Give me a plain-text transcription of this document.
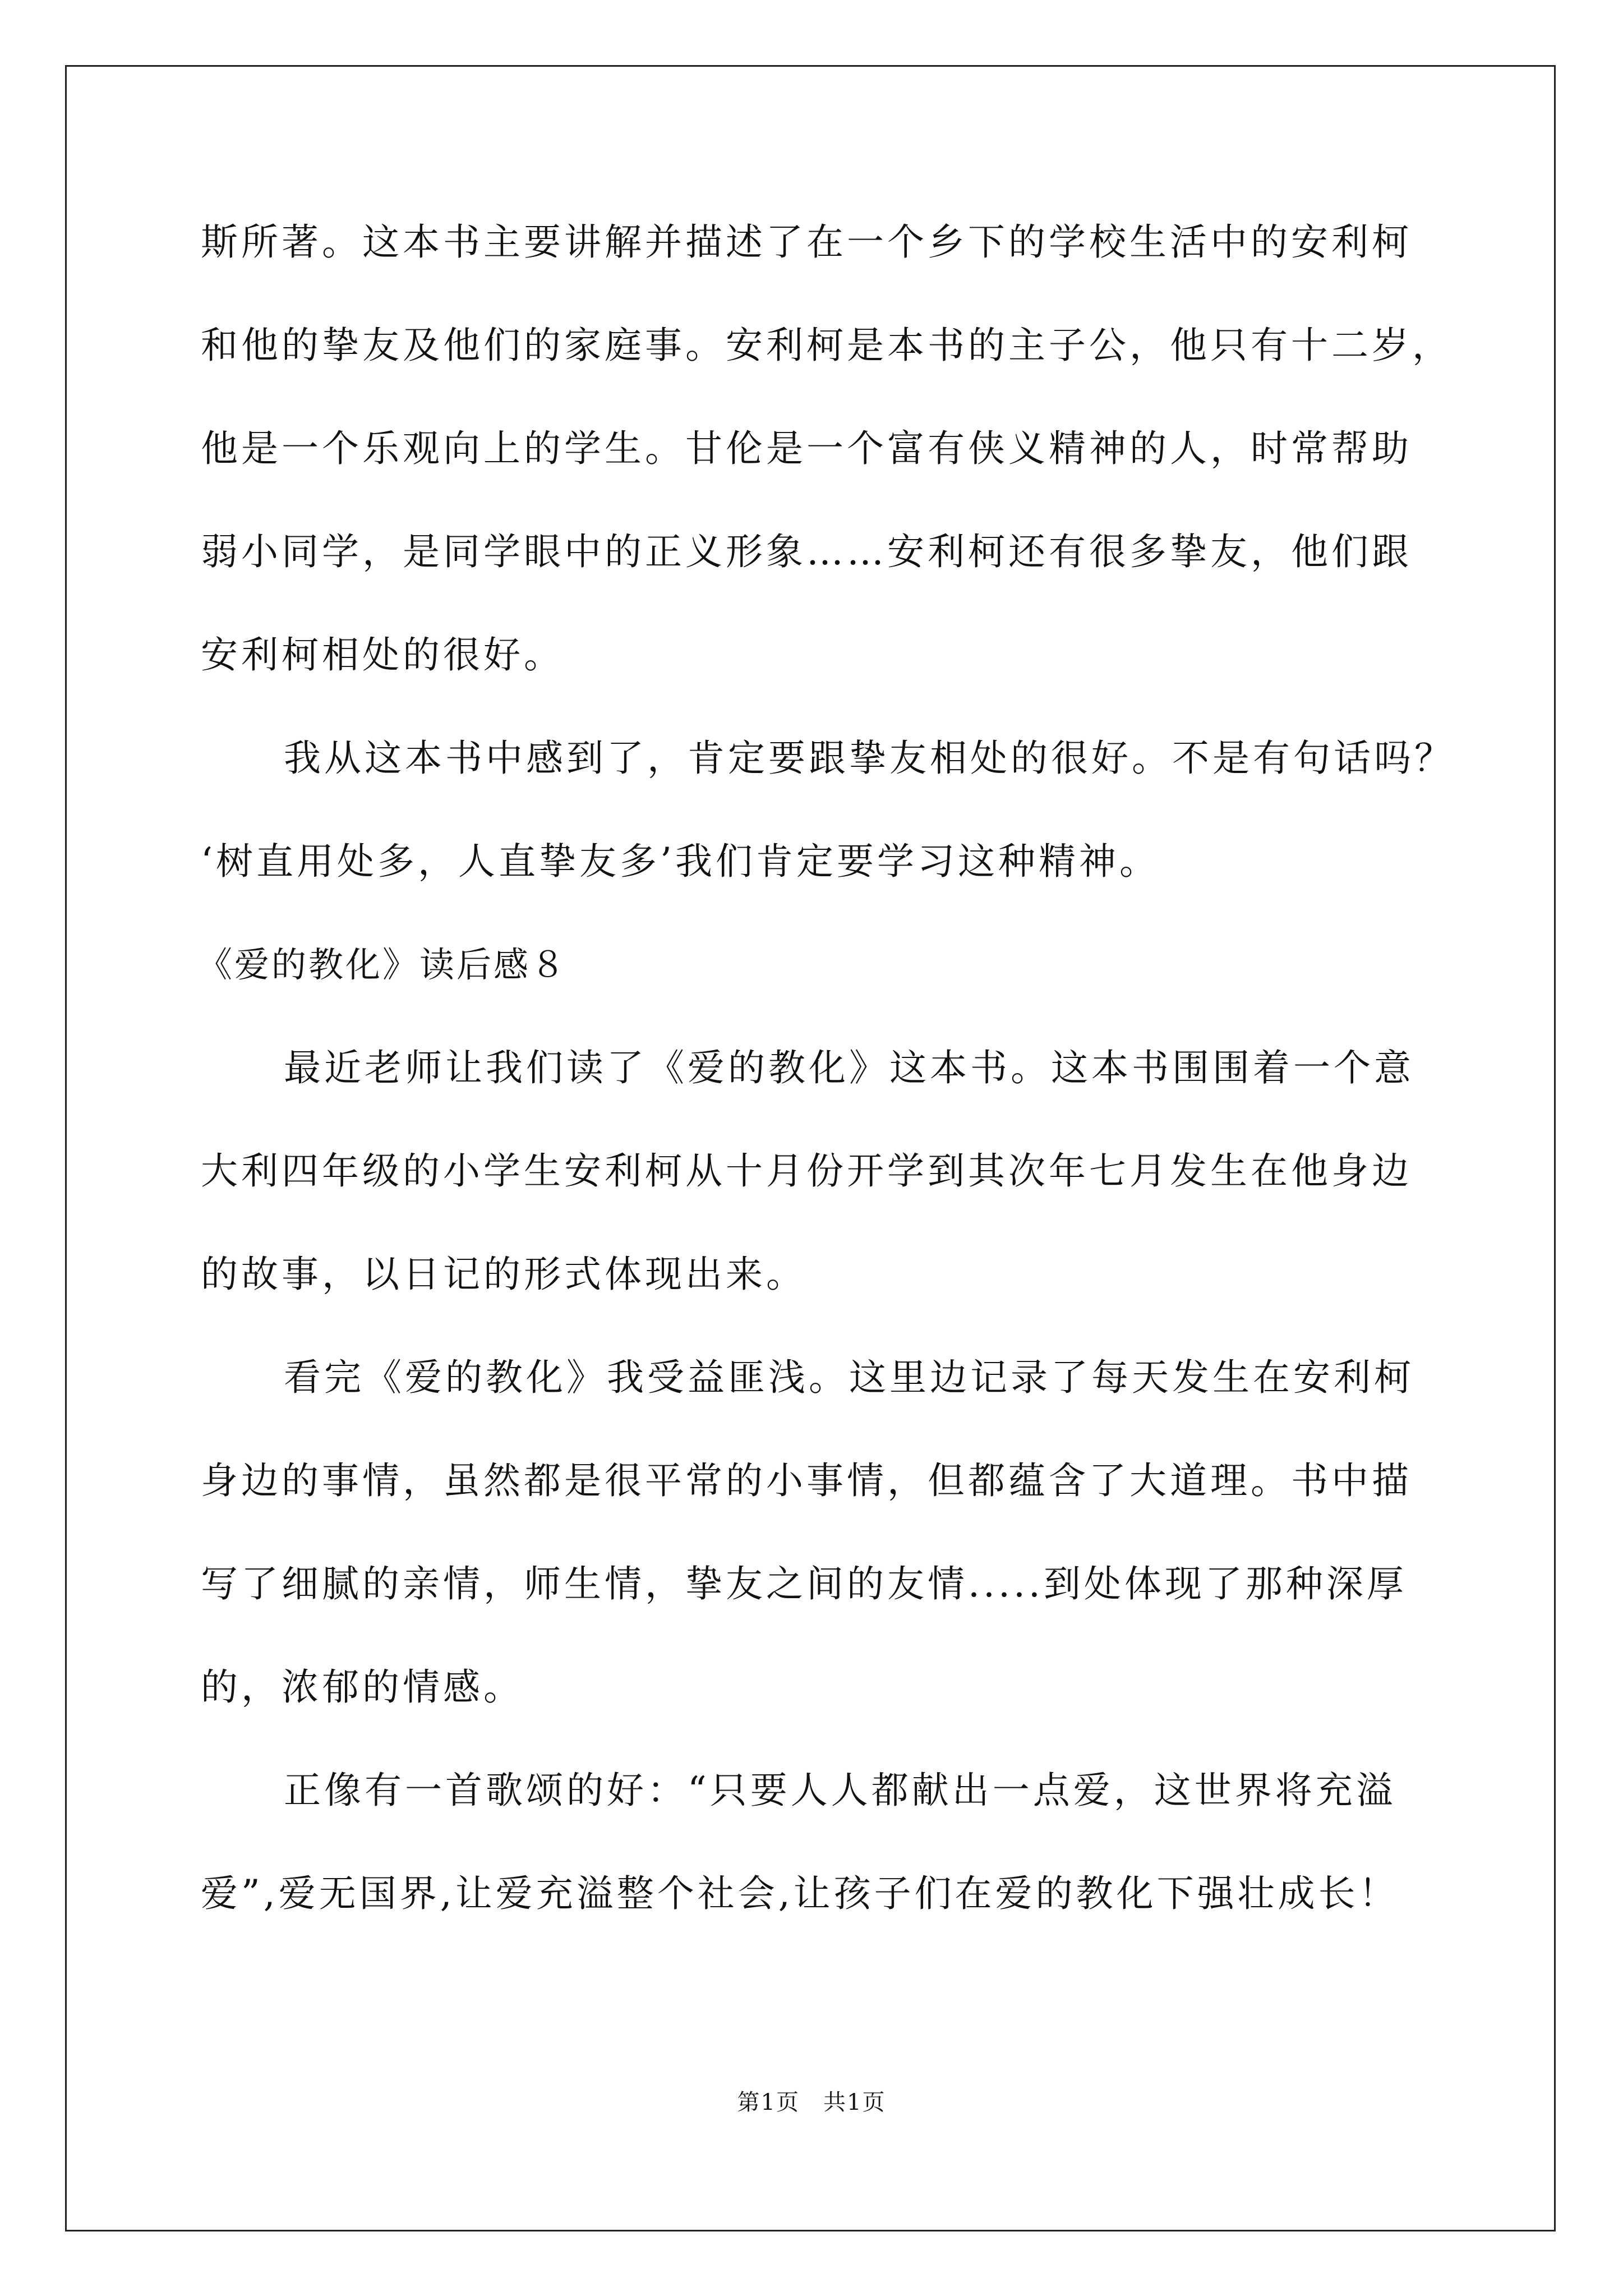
斯所著。这本书主要讲解并描述了在一个乡下的学校生活中的安利柯
和他的挚友及他们的家庭事。安利柯是本书的主子公，他只有十二岁，
他是一个乐观向上的学生。甘伦是一个富有侠义精神的人，时常帮助
弱小同学，是同学眼中的正义形象……安利柯还有很多挚友，他们跟
安利柯相处的很好。
我从这本书中感到了，肯定要跟挚友相处的很好。不是有句话吗？
‘树直用处多，人直挚友多’我们肯定要学习这种精神。
《爱的教化》读后感８
最近老师让我们读了《爱的教化》这本书。这本书围围着一个意
大利四年级的小学生安利柯从十月份开学到其次年七月发生在他身边
的故事，以日记的形式体现出来。
看完《爱的教化》我受益匪浅。这里边记录了每天发生在安利柯
身边的事情，虽然都是很平常的小事情，但都蕴含了大道理。书中描
写了细腻的亲情，师生情，挚友之间的友情.....到处体现了那种深厚
的，浓郁的情感。
正像有一首歌颂的好：“只要人人都献出一点爱，这世界将充溢
爱”,爱无国界,让爱充溢整个社会,让孩子们在爱的教化下强壮成长！
第1页　共1页
